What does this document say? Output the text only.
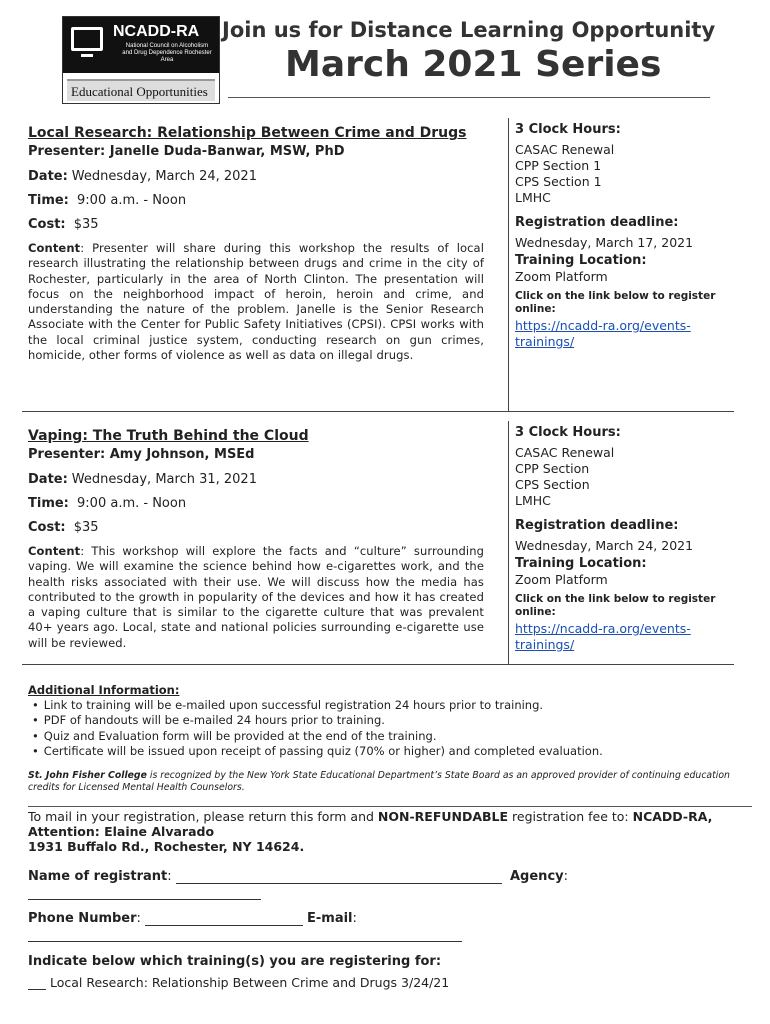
NCADD-RA
National Council on Alcoholism and Drug Dependence Rochester Area
Educational Opportunities
Join us for Distance Learning Opportunity
March 2021 Series
Local Research: Relationship Between Crime and Drugs
Presenter: Janelle Duda-Banwar, MSW, PhD
Date: Wednesday, March 24, 2021
Time: 9:00 a.m. - Noon
Cost: $35
Content: Presenter will share during this workshop the results of local research illustrating the relationship between drugs and crime in the city of Rochester, particularly in the area of North Clinton. The presentation will focus on the neighborhood impact of heroin, heroin and crime, and understanding the nature of the problem. Janelle is the Senior Research Associate with the Center for Public Safety Initiatives (CPSI). CPSI works with the local criminal justice system, conducting research on gun crimes, homicide, other forms of violence as well as data on illegal drugs.
3 Clock Hours:
CASAC Renewal
CPP Section 1
CPS Section 1
LMHC
Registration deadline:
Wednesday, March 17, 2021
Training Location:
Zoom Platform
Click on the link below to register online:
https://ncadd-ra.org/events-trainings/
Vaping: The Truth Behind the Cloud
Presenter: Amy Johnson, MSEd
Date: Wednesday, March 31, 2021
Time: 9:00 a.m. - Noon
Cost: $35
Content: This workshop will explore the facts and “culture” surrounding vaping. We will examine the science behind how e-cigarettes work, and the health risks associated with their use. We will discuss how the media has contributed to the growth in popularity of the devices and how it has created a vaping culture that is similar to the cigarette culture that was prevalent 40+ years ago. Local, state and national policies surrounding e-cigarette use will be reviewed.
3 Clock Hours:
CASAC Renewal
CPP Section
CPS Section
LMHC
Registration deadline:
Wednesday, March 24, 2021
Training Location:
Zoom Platform
Click on the link below to register online:
https://ncadd-ra.org/events-trainings/
Additional Information:
• Link to training will be e-mailed upon successful registration 24 hours prior to training.
• PDF of handouts will be e-mailed 24 hours prior to training.
• Quiz and Evaluation form will be provided at the end of the training.
• Certificate will be issued upon receipt of passing quiz (70% or higher) and completed evaluation.
St. John Fisher College is recognized by the New York State Educational Department’s State Board as an approved provider of continuing education credits for Licensed Mental Health Counselors.
To mail in your registration, please return this form and NON-REFUNDABLE registration fee to: NCADD-RA,
Attention: Elaine Alvarado
1931 Buffalo Rd., Rochester, NY 14624.
Name of registrant:	Agency:
Phone Number:	E-mail:
Indicate below which training(s) you are registering for:
Local Research: Relationship Between Crime and Drugs 3/24/21
